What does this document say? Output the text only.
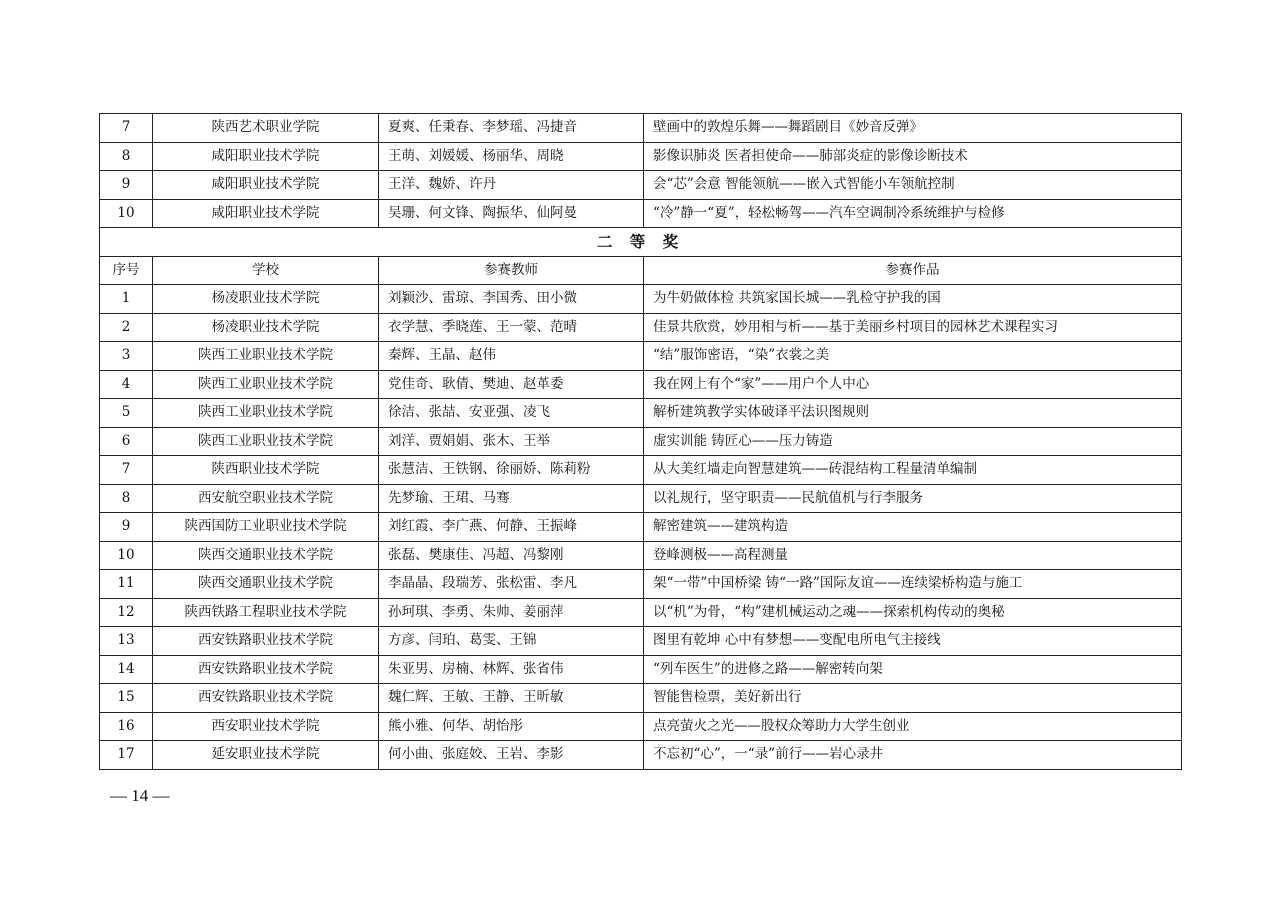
7	陕西艺术职业学院	夏爽、任秉春、李梦瑶、冯捷音	壁画中的敦煌乐舞——舞蹈剧目《妙音反弹》
8	咸阳职业技术学院	王萌、刘媛媛、杨丽华、周晓	影像识肺炎 医者担使命——肺部炎症的影像诊断技术
9	咸阳职业技术学院	王洋、魏娇、许丹	会“芯”会意 智能领航——嵌入式智能小车领航控制
10	咸阳职业技术学院	吴珊、何文锋、陶振华、仙阿曼	“冷”静一“夏”，轻松畅驾——汽车空调制冷系统维护与检修
二 等 奖			
序号	学校	参赛教师	参赛作品
1	杨凌职业技术学院	刘颖沙、雷琼、李国秀、田小微	为牛奶做体检 共筑家国长城——乳检守护我的国
2	杨凌职业技术学院	衣学慧、季晓莲、王一蒙、范晴	佳景共欣赏，妙用相与析——基于美丽乡村项目的园林艺术课程实习
3	陕西工业职业技术学院	秦辉、王晶、赵伟	“结”服饰密语，“染”衣裳之美
4	陕西工业职业技术学院	党佳奇、耿倩、樊迪、赵革委	我在网上有个“家”——用户个人中心
5	陕西工业职业技术学院	徐洁、张喆、安亚强、凌飞	解析建筑教学实体破译平法识图规则
6	陕西工业职业技术学院	刘洋、贾娟娟、张木、王举	虚实训能 铸匠心——压力铸造
7	陕西职业技术学院	张慧洁、王铁钢、徐丽娇、陈莉粉	从大美红墙走向智慧建筑——砖混结构工程量清单编制
8	西安航空职业技术学院	先梦瑜、王珺、马骞	以礼规行，坚守职责——民航值机与行李服务
9	陕西国防工业职业技术学院	刘红霞、李广燕、何静、王振峰	解密建筑——建筑构造
10	陕西交通职业技术学院	张磊、樊康佳、冯超、冯黎刚	登峰测极——高程测量
11	陕西交通职业技术学院	李晶晶、段瑞芳、张松雷、李凡	架“一带”中国桥梁 铸“一路”国际友谊——连续梁桥构造与施工
12	陕西铁路工程职业技术学院	孙珂琪、李勇、朱帅、姜丽萍	以“机”为骨，“构”建机械运动之魂——探索机构传动的奥秘
13	西安铁路职业技术学院	方彦、闫珀、葛雯、王锦	图里有乾坤 心中有梦想——变配电所电气主接线
14	西安铁路职业技术学院	朱亚男、房楠、林辉、张省伟	“列车医生”的进修之路——解密转向架
15	西安铁路职业技术学院	魏仁辉、王敏、王静、王昕敏	智能售检票，美好新出行
16	西安职业技术学院	熊小雅、何华、胡怡彤	点亮萤火之光——股权众筹助力大学生创业
17	延安职业技术学院	何小曲、张庭姣、王岩、李影	不忘初“心”，一“录”前行——岩心录井
— 14 —
